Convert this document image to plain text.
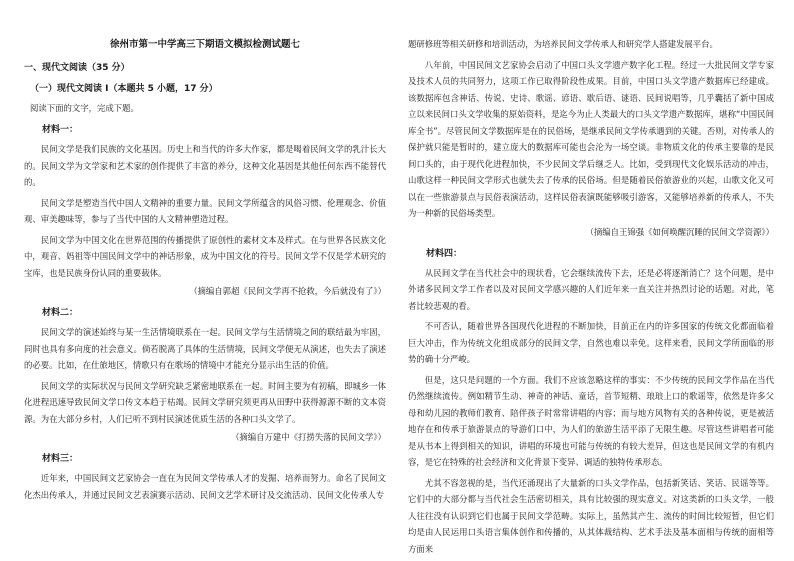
徐州市第一中学高三下期语文模拟检测试题七
一、现代文阅读（35 分）
（一）现代文阅读 I（本题共 5 小题，17 分）
阅读下面的文字，完成下题。
材料一：

民间文学是我们民族的文化基因。历史上和当代的许多大作家，都是喝着民间文学的乳汁长大的。民间文学为文学家和艺术家的创作提供了丰富的养分，这种文化基因是其他任何东西不能替代的。

民间文学是塑造当代中国人文精神的重要力量。民间文学所蕴含的风俗习惯、伦理观念、价值观、审美趣味等，参与了当代中国的人文精神塑造过程。

民间文学为中国文化在世界范围的传播提供了原创性的素材文本及样式。在与世界各民族文化中，观音、妈祖等中国民间文学中的神话形象，成为中国文化的符号。民间文学不仅是学术研究的宝库，也是民族身份认同的重要载体。

（摘编自郭超《民间文学再不抢救，今后就没有了》）
材料二：

民间文学的演述始终与某一生活情境联系在一起。民间文学与生活情境之间的联结最为牢固，同时也具有多向度的社会意义。倘若脱离了具体的生活情境，民间文学便无从演述，也失去了演述的必要。比如，在仕旅地区，情歌只有在歌场的情境中才能充分显示出生活的价值。

民间文学的实际状况与民间文学研究缺乏紧密地联系在一起。时间主要为有初稿，即城乡一体化进程迅速导致民间文学口传文本趋于枯竭。民间文学研究须更再从田野中获得源源不断的文本资源。为在大部分乡村，人们已听不到村民演述优质生活的各种口头文学了。

（摘编自万建中《打捞失落的民间文学》）
材料三：

近年来，中国民间文艺家协会一直在为民间文学传承人才的发掘、培养而努力。命名了民间文化杰出传承人，并通过民间文艺表演赛示活动、民间文艺学术研讨及交流活动、民间文化传承人专

题研修班等相关研修和培训活动，为培养民间文学传承人和研究学人搭建发展平台。

八年前，中国民间文艺家协会启动了中国口头文学遗产数字化工程。经过一大批民间文学专家及技术人员的共同努力，这项工作已取得阶段性成果。目前，中国口头文学遗产数据库已经建成。该数据库包含神话、传说、史诗、歌谣、谚语、歇后语、谜语、民间说唱等，几乎囊括了新中国成立以来民间口头文学收集的原始资料，是迄今为止人类最大的口头文学遗产数据库，堪称“中国民间库全书”。尽管民间文学数据库是在的民俗场，是继承民间文学传承遇到的关键。否则，对传承人的保护就只能是暂时的，建立庞大的数据库可能也会沦为一场空谈。非物质文化的传承主要靠的是民间口头的，由于现代化进程加快，不少民间文学后继乏人。比如，受到现代文化娱乐活动的冲击，山歌这样一种民间文学形式也就失去了传承的民俗场。但是随着民俗旅游业的兴起，山歌文化又可以在一些旅游景点与民俗表演活动，这样民俗表演既能够吸引游客，又能够培养新的传承人，不失为一种新的民俗场类型。

（摘编自王锦强《如何唤醒沉睡的民间文学资源》）
材料四：

从民间文学在当代社会中的现状看，它会继续流传下去，还是必将逐渐消亡？这个问题，是中外诸多民间文学工作者以及对民间文学感兴趣的人们近年来一直关注并热烈讨论的话题。对此，笔者比较悲观的看。

不可否认，随着世界各国现代化进程的不断加快，目前正在内的许多国家的传统文化都面临着巨大冲击，作为传统文化组成部分的民间文学，自然也难以幸免。这样来看，民间文学所面临的形势的确十分严峻。

但是，这只是问题的一个方面。我们不应该忽略这样的事实：不少传统的民间文学作品在当代仍然继续流传。例如精节生动、神奇的神话、童话，首节短精、琅琅上口的歌谣等，依然是许多父母和幼儿园的教师们教育、陪伴孩子时常常讲唱的内容；而与地方风物有关的各种传说，更是被活地存在和传承于旅游景点的导游们口中，为人们的旅游生活平添了无限生趣。尽管这些讲唱者可能是从书本上得到相关的知识，讲唱的环境也可能与传统的有较大差异，但这也是民间文学的有机内容，是它在特殊的社会经济和文化背景下变异、调适的独特传承形态。

尤其不容忽视的是，当代还涌现出了大量新的口头文学作品，包括新笑话、笑话、民谣等等。它们中的大部分都与当代社会生活密切相关，具有比较强的现实意义。对这类新的口头文学，一般人往往没有认识到它们也属于民间文学范畴。实际上，虽然其产生、流传的时间比较短暂，但它们均是由人民运用口头语言集体创作和传播的，从其体裁结构、艺术手法及基本面相与传统的面相等方面来
